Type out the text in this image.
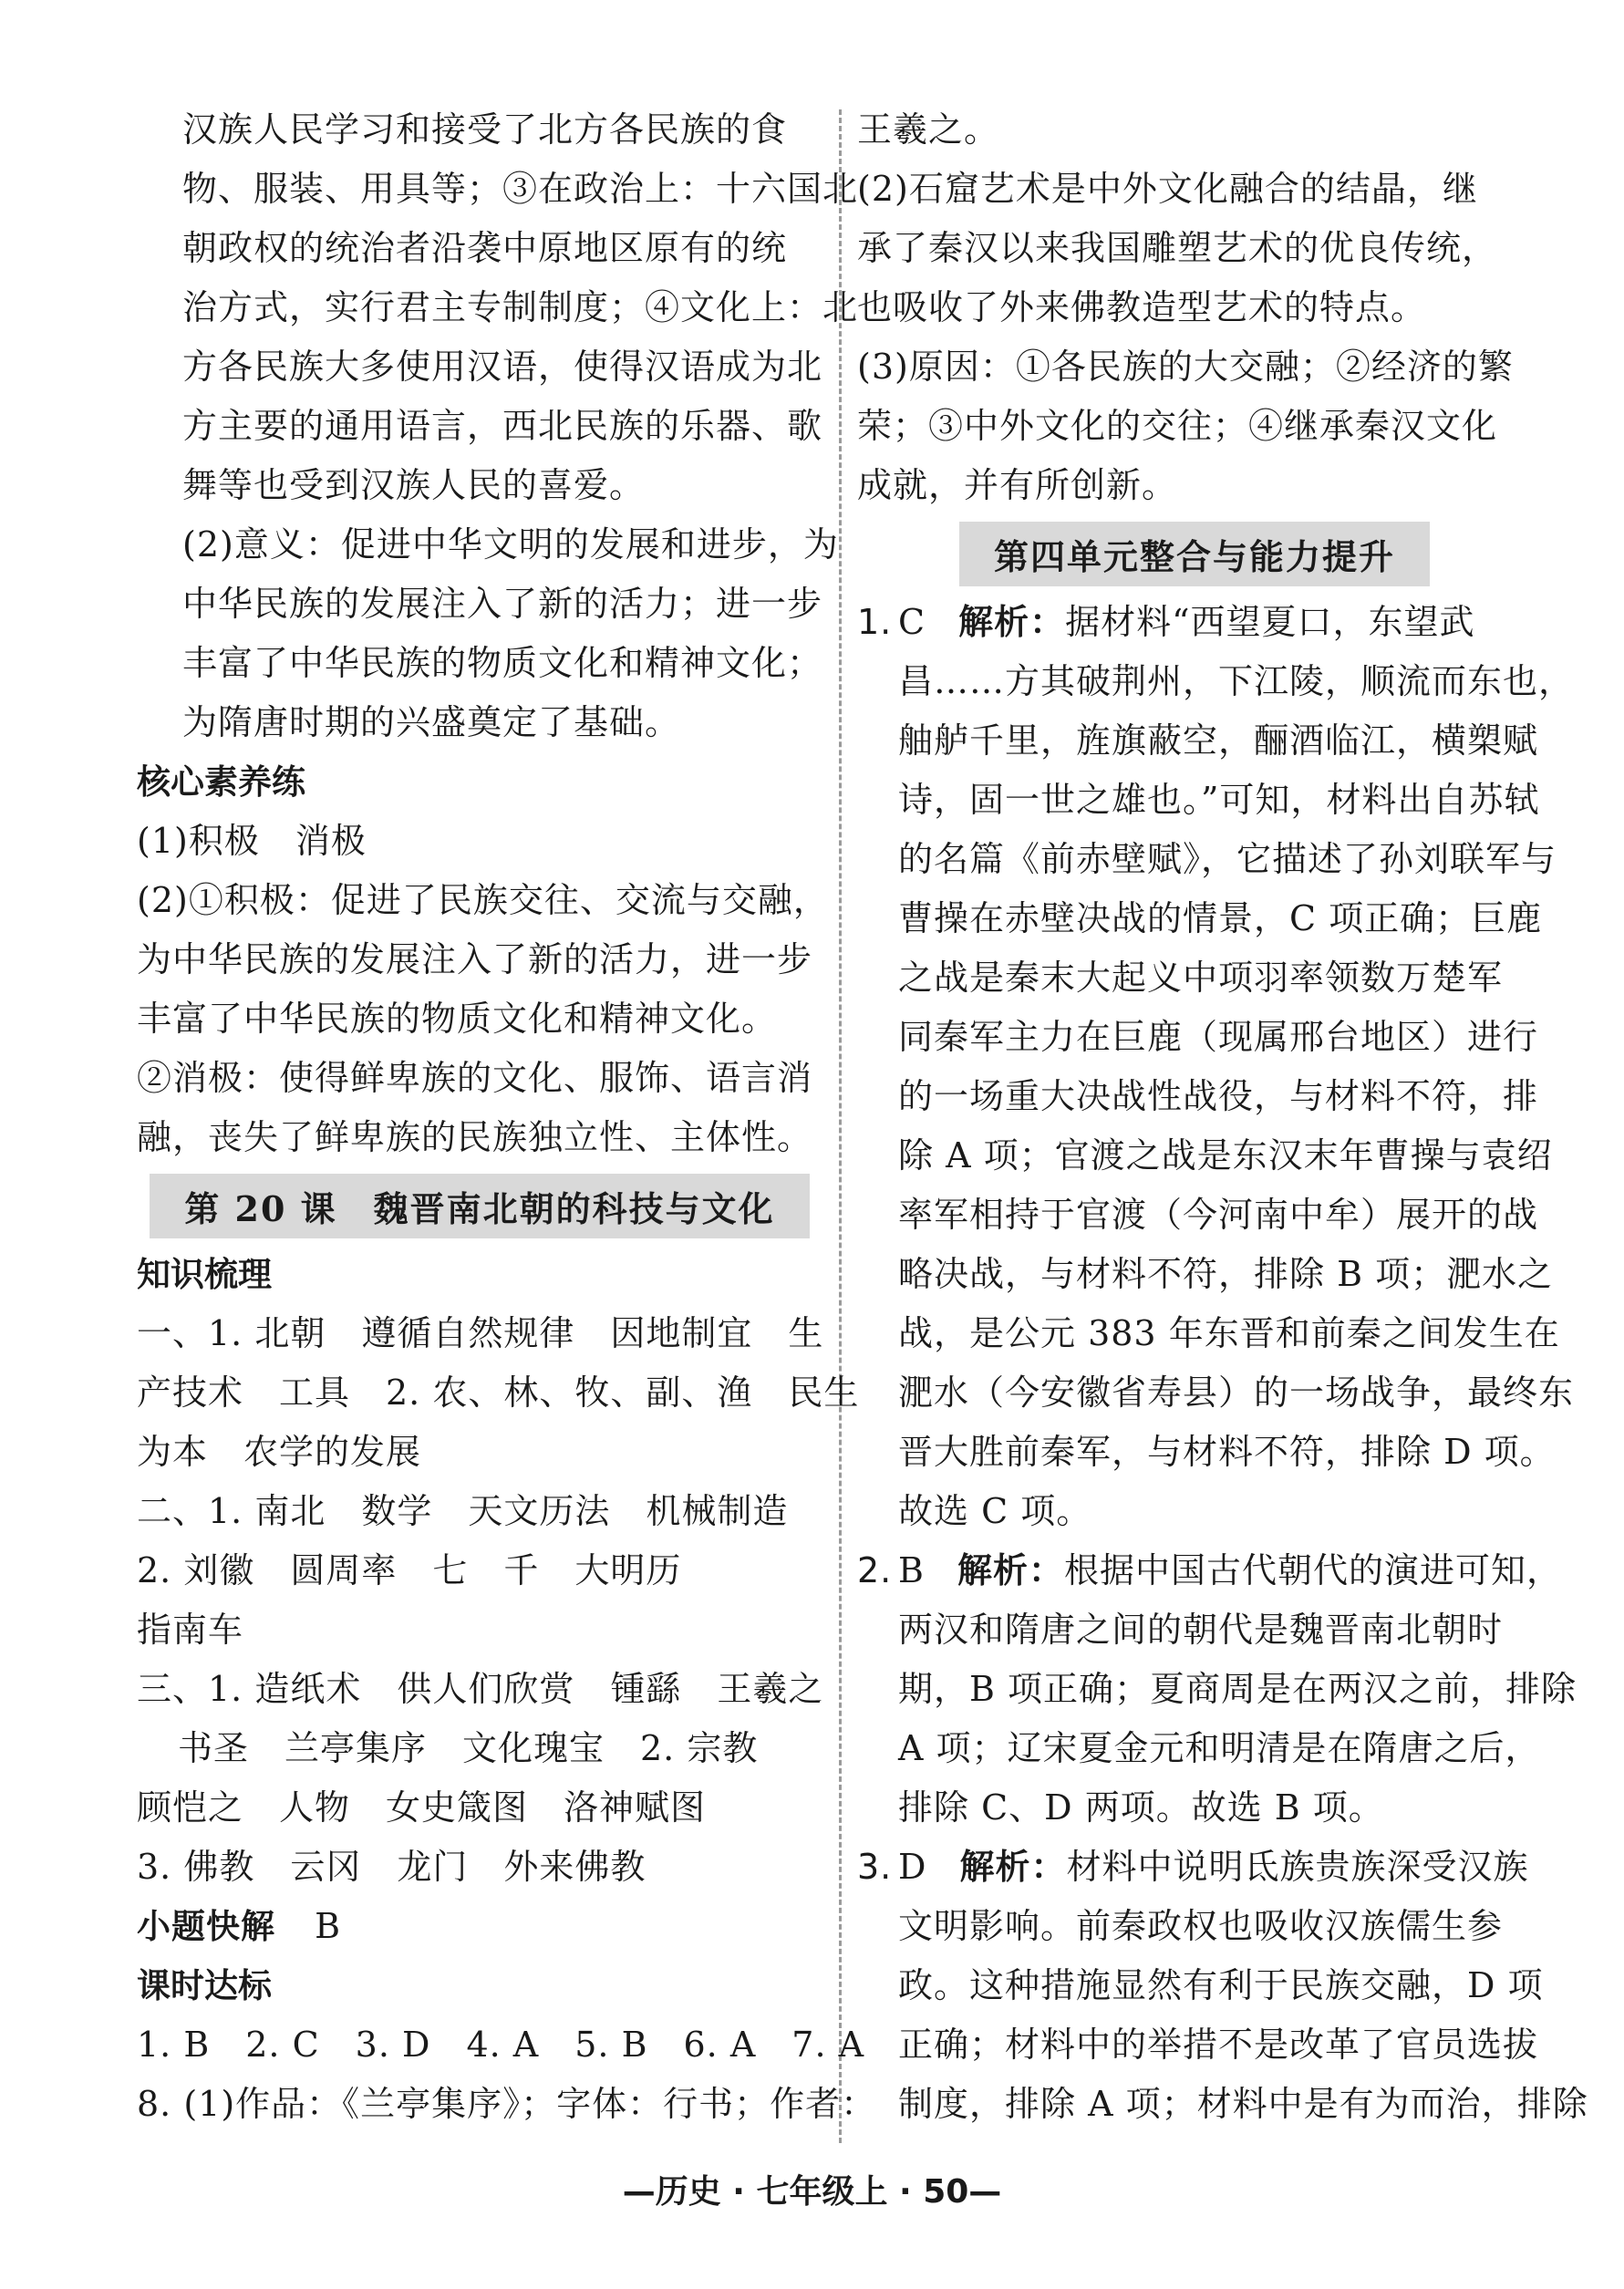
汉族人民学习和接受了北方各民族的食
物、服装、用具等；③在政治上：十六国北
朝政权的统治者沿袭中原地区原有的统
治方式，实行君主专制制度；④文化上：北
方各民族大多使用汉语，使得汉语成为北
方主要的通用语言，西北民族的乐器、歌
舞等也受到汉族人民的喜爱。
(2)意义：促进中华文明的发展和进步，为
中华民族的发展注入了新的活力；进一步
丰富了中华民族的物质文化和精神文化；
为隋唐时期的兴盛奠定了基础。
核心素养练
(1)积极　消极
(2)①积极：促进了民族交往、交流与交融，
为中华民族的发展注入了新的活力，进一步
丰富了中华民族的物质文化和精神文化。
②消极：使得鲜卑族的文化、服饰、语言消
融，丧失了鲜卑族的民族独立性、主体性。
第 20 课　魏晋南北朝的科技与文化
知识梳理
一、1. 北朝　遵循自然规律　因地制宜　生
产技术　工具　2. 农、林、牧、副、渔　民生
为本　农学的发展
二、1. 南北　数学　天文历法　机械制造
2. 刘徽　圆周率　七　千　大明历
指南车
三、1. 造纸术　供人们欣赏　锺繇　王羲之
书圣　兰亭集序　文化瑰宝　2. 宗教
顾恺之　人物　女史箴图　洛神赋图
3. 佛教　云冈　龙门　外来佛教
小题快解 B
课时达标
1. B　2. C　3. D　4. A　5. B　6. A　7. A
8. (1)作品：《兰亭集序》；字体：行书；作者：
王羲之。
(2)石窟艺术是中外文化融合的结晶，继
承了秦汉以来我国雕塑艺术的优良传统，
也吸收了外来佛教造型艺术的特点。
(3)原因：①各民族的大交融；②经济的繁
荣；③中外文化的交往；④继承秦汉文化
成就，并有所创新。
第四单元整合与能力提升
1. C 解析：据材料“西望夏口，东望武
昌……方其破荆州，下江陵，顺流而东也，
舳舻千里，旌旗蔽空，酾酒临江，横槊赋
诗，固一世之雄也。”可知，材料出自苏轼
的名篇《前赤壁赋》，它描述了孙刘联军与
曹操在赤壁决战的情景，C 项正确；巨鹿
之战是秦末大起义中项羽率领数万楚军
同秦军主力在巨鹿（现属邢台地区）进行
的一场重大决战性战役，与材料不符，排
除 A 项；官渡之战是东汉末年曹操与袁绍
率军相持于官渡（今河南中牟）展开的战
略决战，与材料不符，排除 B 项；淝水之
战，是公元 383 年东晋和前秦之间发生在
淝水（今安徽省寿县）的一场战争，最终东
晋大胜前秦军，与材料不符，排除 D 项。
故选 C 项。
2. B 解析：根据中国古代朝代的演进可知，
两汉和隋唐之间的朝代是魏晋南北朝时
期，B 项正确；夏商周是在两汉之前，排除
A 项；辽宋夏金元和明清是在隋唐之后，
排除 C、D 两项。故选 B 项。
3. D 解析：材料中说明氐族贵族深受汉族
文明影响。前秦政权也吸收汉族儒生参
政。这种措施显然有利于民族交融，D 项
正确；材料中的举措不是改革了官员选拔
制度，排除 A 项；材料中是有为而治，排除
—历史 · 七年级上 · 50—
